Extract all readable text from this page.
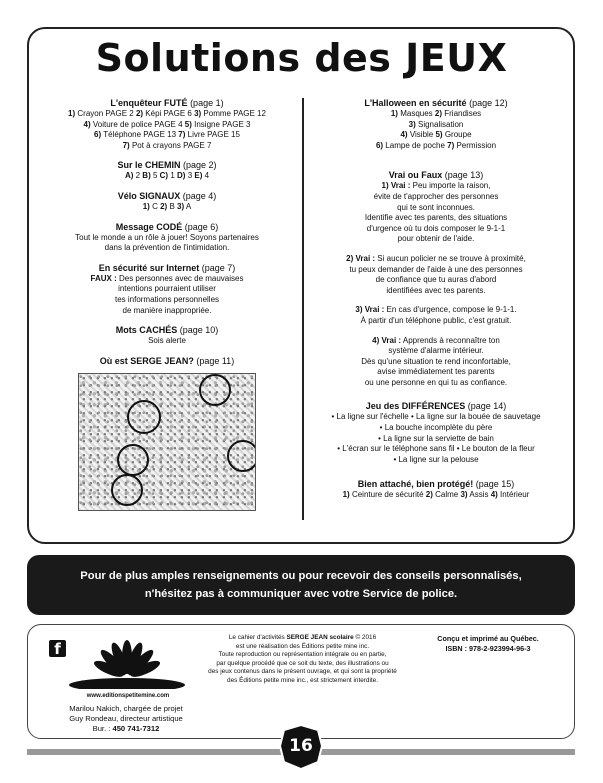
Solutions des JEUX
L'enquêteur FUTÉ (page 1)
1) Crayon PAGE 2 2) Képi PAGE 6 3) Pomme PAGE 12
4) Voiture de police PAGE 4 5) Insigne PAGE 3
6) Téléphone PAGE 13 7) Livre PAGE 15
7) Pot à crayons PAGE 7
Sur le CHEMIN (page 2)
A) 2 B) 5 C) 1 D) 3 E) 4
Vélo SIGNAUX (page 4)
1) C 2) B 3) A
Message CODÉ (page 6)
Tout le monde a un rôle à jouer! Soyons partenaires
dans la prévention de l'intimidation.
En sécurité sur Internet (page 7)
FAUX : Des personnes avec de mauvaises
intentions pourraient utiliser
tes informations personnelles
de manière inappropriée.
Mots CACHÉS (page 10)
Sois alerte
Où est SERGE JEAN? (page 11)
L'Halloween en sécurité (page 12)
1) Masques 2) Friandises
3) Signalisation
4) Visible 5) Groupe
6) Lampe de poche 7) Permission
Vrai ou Faux (page 13)
1) Vrai : Peu importe la raison,
évite de t'approcher des personnes
qui te sont inconnues.
Identifie avec tes parents, des situations
d'urgence où tu dois composer le 9-1-1
pour obtenir de l'aide.
2) Vrai : Si aucun policier ne se trouve à proximité,
tu peux demander de l'aide à une des personnes
de confiance que tu auras d'abord
identifiées avec tes parents.
3) Vrai : En cas d'urgence, compose le 9-1-1.
À partir d'un téléphone public, c'est gratuit.
4) Vrai : Apprends à reconnaître ton
système d'alarme intérieur.
Dès qu'une situation te rend inconfortable,
avise immédiatement tes parents
ou une personne en qui tu as confiance.
Jeu des DIFFÉRENCES (page 14)
• La ligne sur l'échelle • La ligne sur la bouée de sauvetage
• La bouche incomplète du père
• La ligne sur la serviette de bain
• L'écran sur le téléphone sans fil • Le bouton de la fleur
• La ligne sur la pelouse
Bien attaché, bien protégé! (page 15)
1) Ceinture de sécurité 2) Calme 3) Assis 4) Intérieur
Pour de plus amples renseignements ou pour recevoir des conseils personnalisés,
n'hésitez pas à communiquer avec votre Service de police.
f
www.editionspetitemine.com
Marilou Nakich, chargée de projet
Guy Rondeau, directeur artistique
Bur. : 450 741-7312
Le cahier d'activités SERGE JEAN scolaire © 2016
est une réalisation des Éditions petite mine inc.
Toute reproduction ou représentation intégrale ou en partie,
par quelque procédé que ce soit du texte, des illustrations ou
des jeux contenus dans le présent ouvrage, et qui sont la propriété
des Éditions petite mine inc., est strictement interdite.
Conçu et imprimé au Québec.
ISBN : 978-2-923994-96-3
16
